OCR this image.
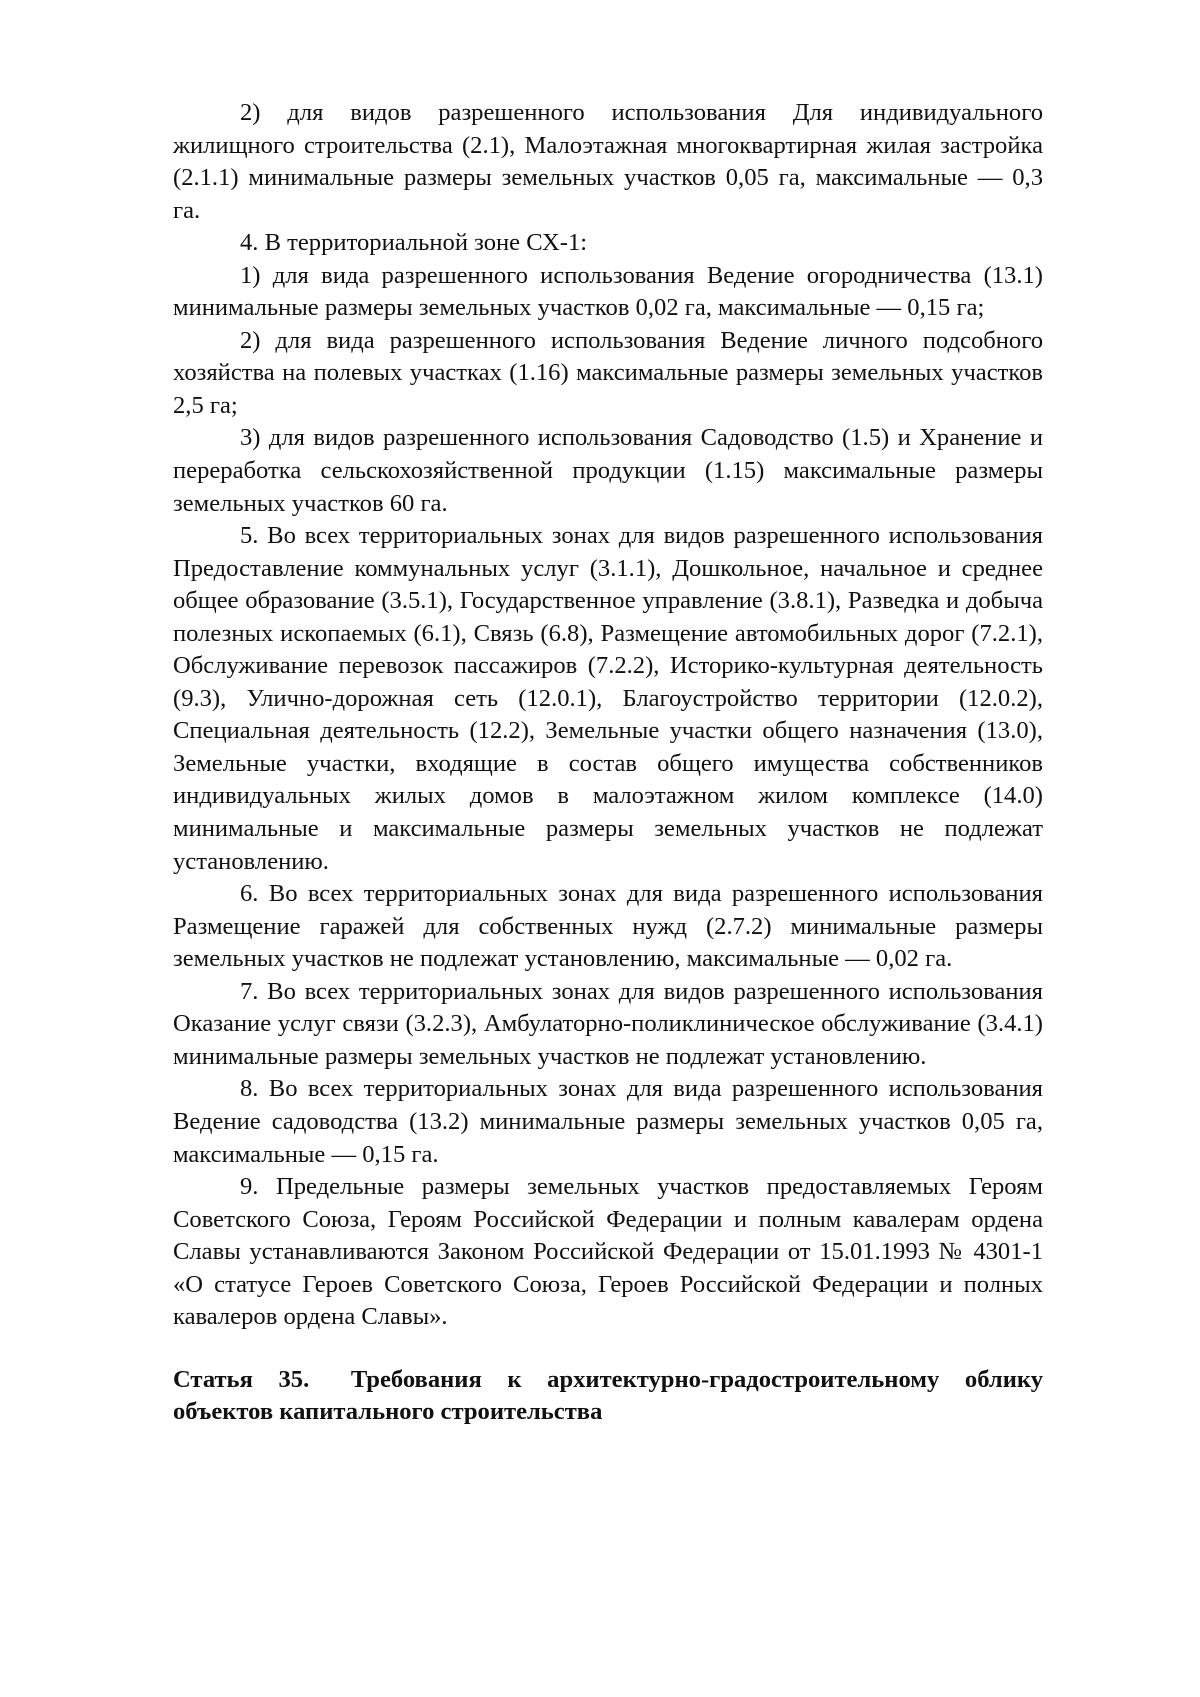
2) для видов разрешенного использования Для индивидуального жилищного строительства (2.1), Малоэтажная многоквартирная жилая застройка (2.1.1) минимальные размеры земельных участков 0,05 га, максимальные — 0,3 га.

4. В территориальной зоне СХ-1:

1) для вида разрешенного использования Ведение огородничества (13.1) минимальные размеры земельных участков 0,02 га, максимальные — 0,15 га;

2) для вида разрешенного использования Ведение личного подсобного хозяйства на полевых участках (1.16) максимальные размеры земельных участков 2,5 га;

3) для видов разрешенного использования Садоводство (1.5) и Хранение и переработка сельскохозяйственной продукции (1.15) максимальные размеры земельных участков 60 га.

5. Во всех территориальных зонах для видов разрешенного использования Предоставление коммунальных услуг (3.1.1), Дошкольное, начальное и среднее общее образование (3.5.1), Государственное управление (3.8.1), Разведка и добыча полезных ископаемых (6.1), Связь (6.8), Размещение автомобильных дорог (7.2.1), Обслуживание перевозок пассажиров (7.2.2), Историко-культурная деятельность (9.3), Улично-дорожная сеть (12.0.1), Благоустройство территории (12.0.2), Специальная деятельность (12.2), Земельные участки общего назначения (13.0), Земельные участки, входящие в состав общего имущества собственников индивидуальных жилых домов в малоэтажном жилом комплексе (14.0) минимальные и максимальные размеры земельных участков не подлежат установлению.

6. Во всех территориальных зонах для вида разрешенного использования Размещение гаражей для собственных нужд (2.7.2) минимальные размеры земельных участков не подлежат установлению, максимальные — 0,02 га.

7. Во всех территориальных зонах для видов разрешенного использования Оказание услуг связи (3.2.3), Амбулаторно-поликлиническое обслуживание (3.4.1) минимальные размеры земельных участков не подлежат установлению.

8. Во всех территориальных зонах для вида разрешенного использования Ведение садоводства (13.2) минимальные размеры земельных участков 0,05 га, максимальные — 0,15 га.

9. Предельные размеры земельных участков предоставляемых Героям Советского Союза, Героям Российской Федерации и полным кавалерам ордена Славы устанавливаются Законом Российской Федерации от 15.01.1993 № 4301-1 «О статусе Героев Советского Союза, Героев Российской Федерации и полных кавалеров ордена Славы».

Статья 35. Требования к архитектурно-градостроительному облику объектов капитального строительства
